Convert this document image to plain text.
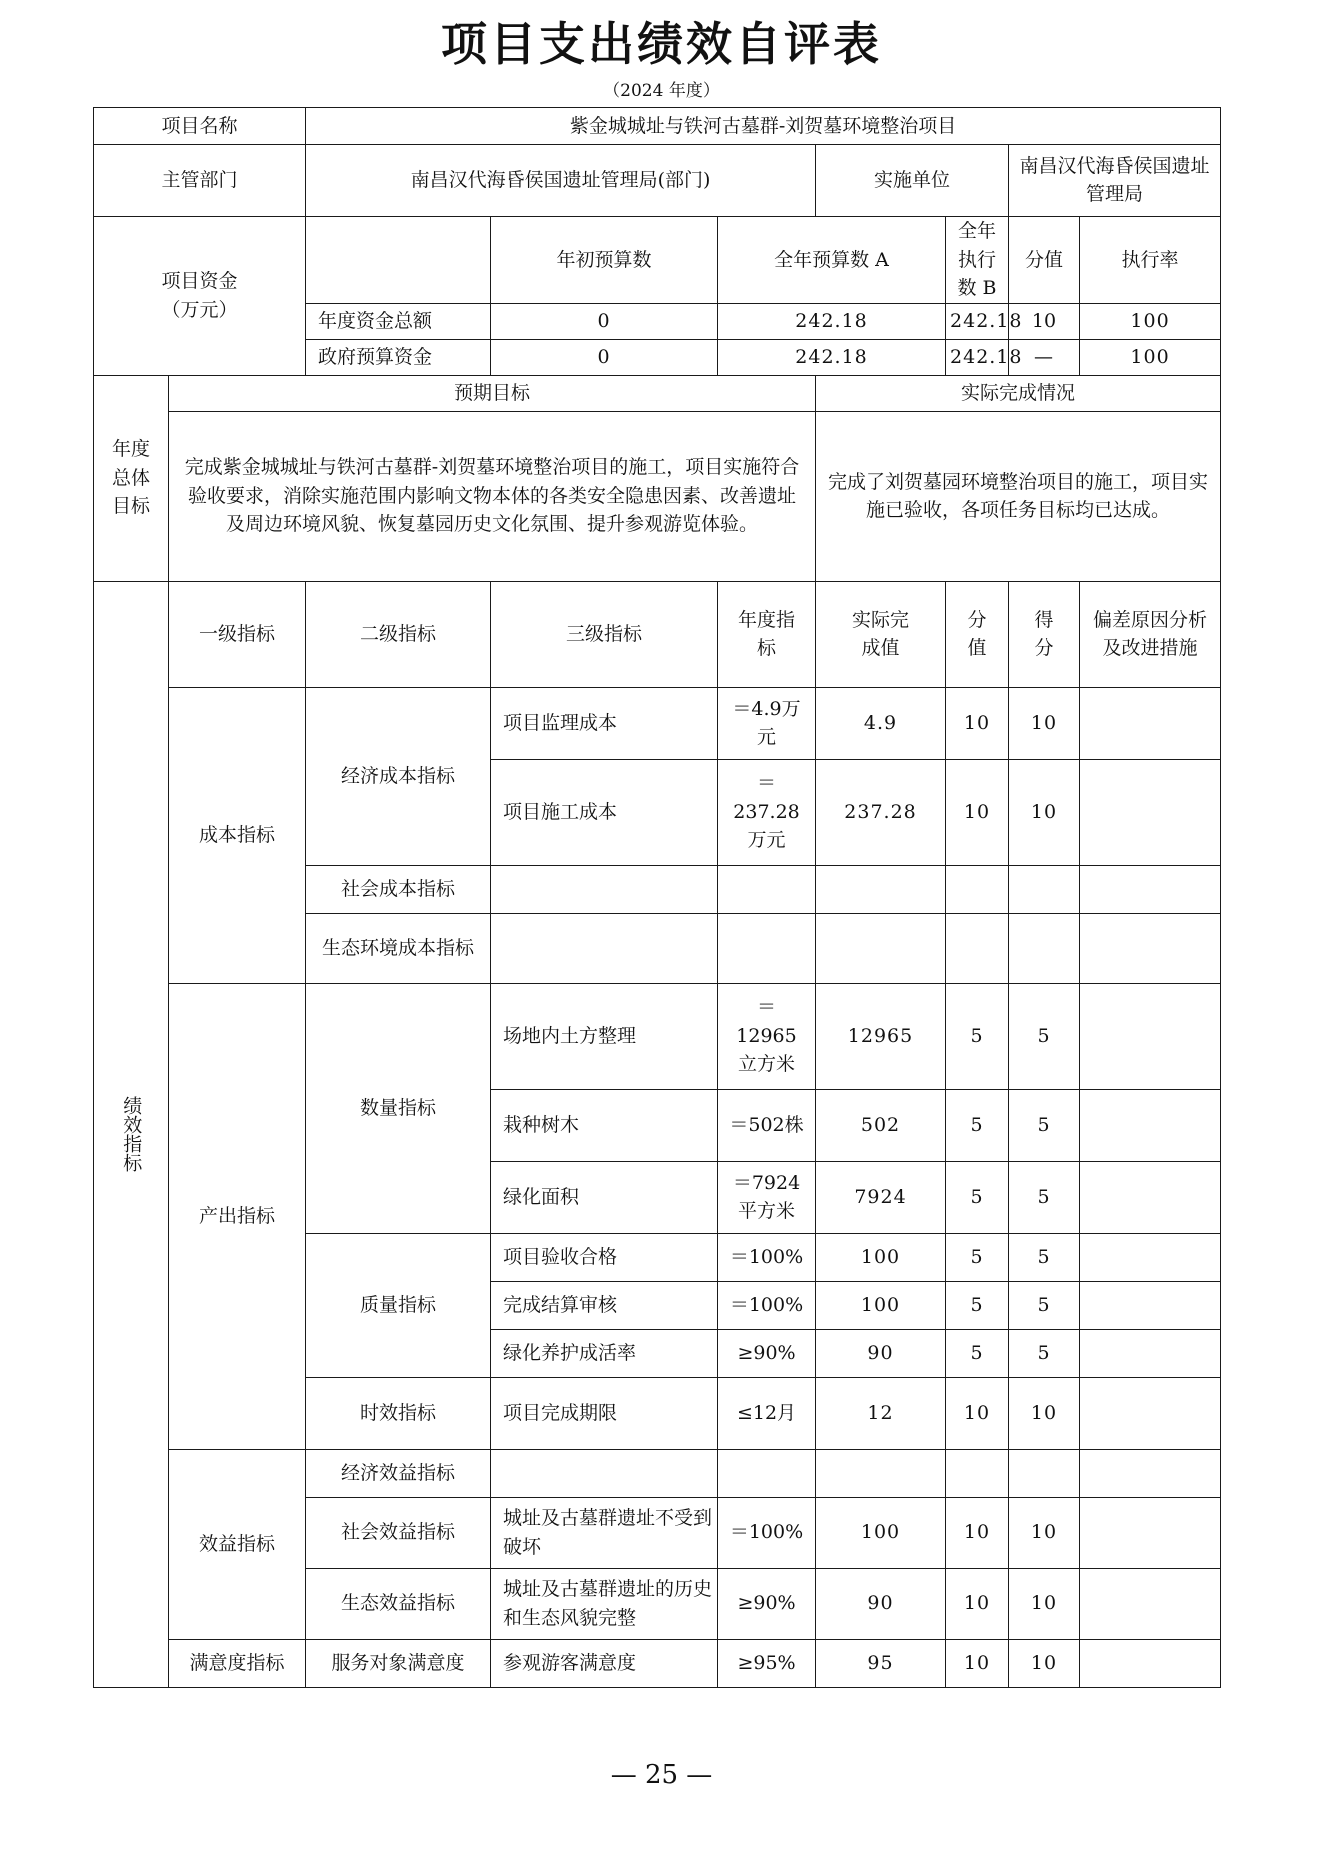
项目支出绩效自评表
（2024 年度）
项目名称		紫金城城址与铁河古墓群-刘贺墓环境整治项目							
主管部门		南昌汉代海昏侯国遗址管理局(部门)			实施单位		南昌汉代海昏侯国遗址管理局		

项目资金
（万元）			年初预算数	全年预算数 A		全年执行数 B	分值	执行率	
		年度资金总额	0	242.18		242.18	10	100	
		政府预算资金	0	242.18		242.18	—	100	
年度总体目标	预期目标				实际完成情况				
	完成紫金城城址与铁河古墓群-刘贺墓环境整治项目的施工，项目实施符合验收要求，消除实施范围内影响文物本体的各类安全隐患因素、改善遗址及周边环境风貌、恢复墓园历史文化氛围、提升参观游览体验。				完成了刘贺墓园环境整治项目的施工，项目实施已验收，各项任务目标均已达成。				

绩效指标	一级指标	二级指标	三级指标	年度指标	实际完成值	分值	得分	偏差原因分析及改进措施	
	成本指标	经济成本指标	项目监理成本	＝4.9万元	4.9	10	10		
			项目施工成本	＝237.28万元	237.28	10	10		
		社会成本指标							
		生态环境成本指标							
	产出指标	数量指标	场地内土方整理	＝12965立方米	12965	5	5		
			栽种树木	＝502株	502	5	5		
			绿化面积	＝7924平方米	7924	5	5		
		质量指标	项目验收合格	＝100%	100	5	5		
			完成结算审核	＝100%	100	5	5		
			绿化养护成活率	≥90%	90	5	5		
		时效指标	项目完成期限	≤12月	12	10	10		
	效益指标	经济效益指标							
		社会效益指标	城址及古墓群遗址不受到破坏	＝100%	100	10	10		
		生态效益指标	城址及古墓群遗址的历史和生态风貌完整	≥90%	90	10	10		
	满意度指标	服务对象满意度	参观游客满意度	≥95%	95	10	10		
— 25 —
